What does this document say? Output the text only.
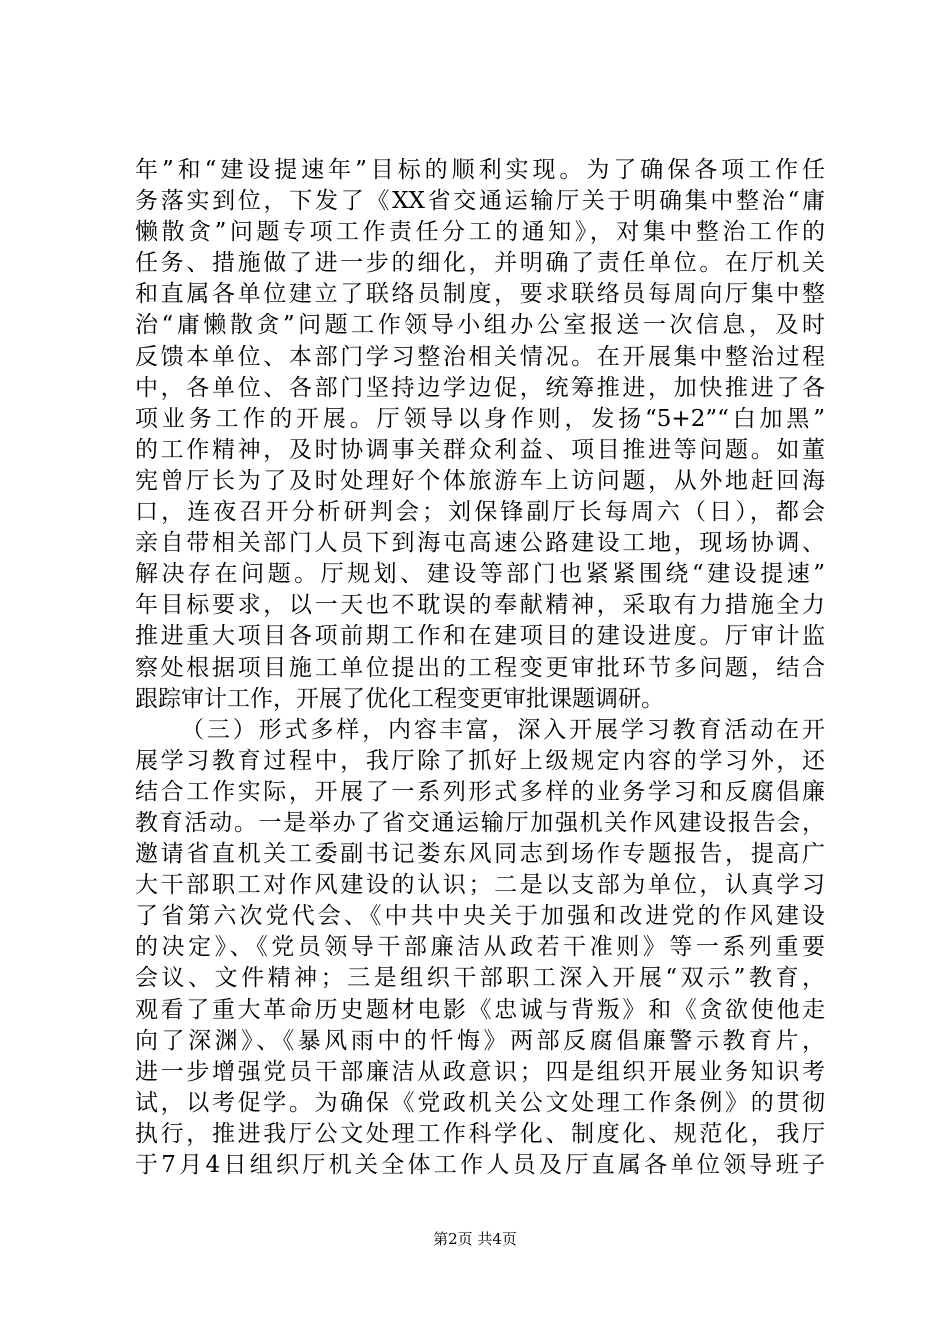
年”和“建设提速年”目标的顺利实现。为了确保各项工作任
务落实到位，下发了《XX省交通运输厅关于明确集中整治“庸
懒散贪”问题专项工作责任分工的通知》，对集中整治工作的
任务、措施做了进一步的细化，并明确了责任单位。在厅机关
和直属各单位建立了联络员制度，要求联络员每周向厅集中整
治“庸懒散贪”问题工作领导小组办公室报送一次信息，及时
反馈本单位、本部门学习整治相关情况。在开展集中整治过程
中，各单位、各部门坚持边学边促，统筹推进，加快推进了各
项业务工作的开展。厅领导以身作则，发扬“5+2”“白加黑”
的工作精神，及时协调事关群众利益、项目推进等问题。如董
宪曾厅长为了及时处理好个体旅游车上访问题，从外地赶回海
口，连夜召开分析研判会；刘保锋副厅长每周六（日），都会
亲自带相关部门人员下到海屯高速公路建设工地，现场协调、
解决存在问题。厅规划、建设等部门也紧紧围绕“建设提速”
年目标要求，以一天也不耽误的奉献精神，采取有力措施全力
推进重大项目各项前期工作和在建项目的建设进度。厅审计监
察处根据项目施工单位提出的工程变更审批环节多问题，结合
跟踪审计工作，开展了优化工程变更审批课题调研。
（三）形式多样，内容丰富，深入开展学习教育活动在开
展学习教育过程中，我厅除了抓好上级规定内容的学习外，还
结合工作实际，开展了一系列形式多样的业务学习和反腐倡廉
教育活动。一是举办了省交通运输厅加强机关作风建设报告会，
邀请省直机关工委副书记娄东风同志到场作专题报告，提高广
大干部职工对作风建设的认识；二是以支部为单位，认真学习
了省第六次党代会、《中共中央关于加强和改进党的作风建设
的决定》、《党员领导干部廉洁从政若干准则》等一系列重要
会议、文件精神；三是组织干部职工深入开展“双示”教育，
观看了重大革命历史题材电影《忠诚与背叛》和《贪欲使他走
向了深渊》、《暴风雨中的忏悔》两部反腐倡廉警示教育片，
进一步增强党员干部廉洁从政意识；四是组织开展业务知识考
试，以考促学。为确保《党政机关公文处理工作条例》的贯彻
执行，推进我厅公文处理工作科学化、制度化、规范化，我厅
于7月4日组织厅机关全体工作人员及厅直属各单位领导班子
第2页 共4页
